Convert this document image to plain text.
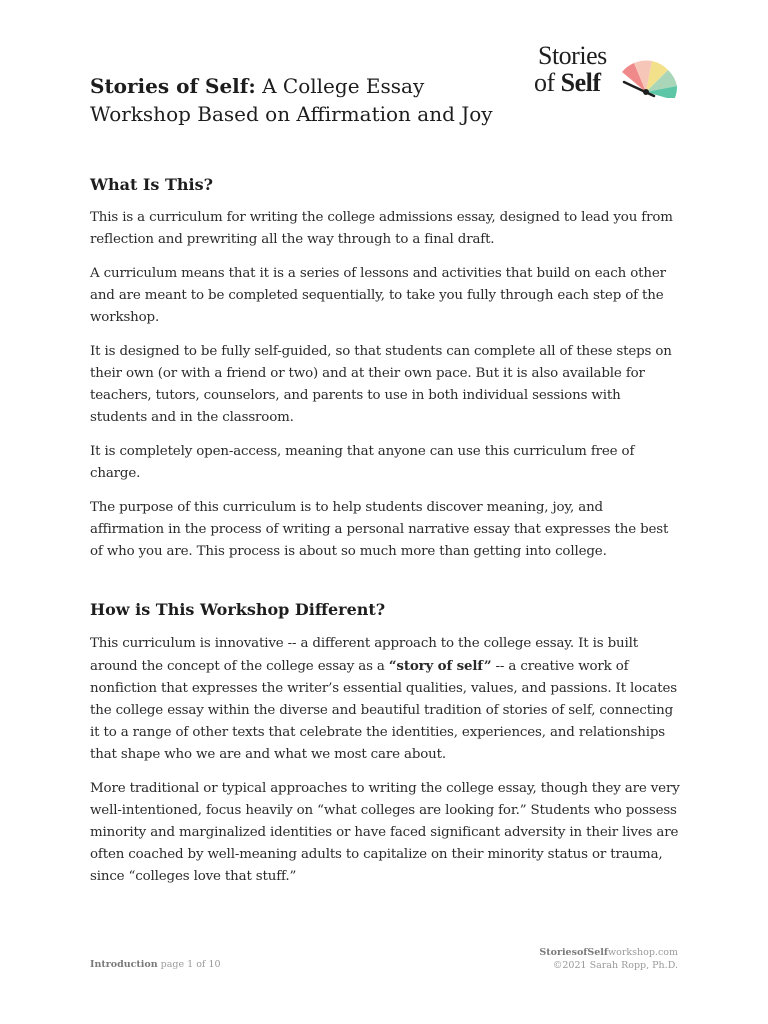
Stories of Self: A College Essay Workshop Based on Affirmation and Joy
Stories
of Self
What Is This?

This is a curriculum for writing the college admissions essay, designed to lead you from reflection and prewriting all the way through to a final draft.

A curriculum means that it is a series of lessons and activities that build on each other and are meant to be completed sequentially, to take you fully through each step of the workshop.

It is designed to be fully self-guided, so that students can complete all of these steps on their own (or with a friend or two) and at their own pace. But it is also available for teachers, tutors, counselors, and parents to use in both individual sessions with students and in the classroom.

It is completely open-access, meaning that anyone can use this curriculum free of charge.

The purpose of this curriculum is to help students discover meaning, joy, and affirmation in the process of writing a personal narrative essay that expresses the best of who you are. This process is about so much more than getting into college.

How is This Workshop Different?

This curriculum is innovative -- a different approach to the college essay. It is built around the concept of the college essay as a “story of self” -- a creative work of nonfiction that expresses the writer’s essential qualities, values, and passions. It locates the college essay within the diverse and beautiful tradition of stories of self, connecting it to a range of other texts that celebrate the identities, experiences, and relationships that shape who we are and what we most care about.

More traditional or typical approaches to writing the college essay, though they are very well-intentioned, focus heavily on “what colleges are looking for.” Students who possess minority and marginalized identities or have faced significant adversity in their lives are often coached by well-meaning adults to capitalize on their minority status or trauma, since “colleges love that stuff.”

Introduction page 1 of 10
StoriesofSelfworkshop.com
©2021 Sarah Ropp, Ph.D.
